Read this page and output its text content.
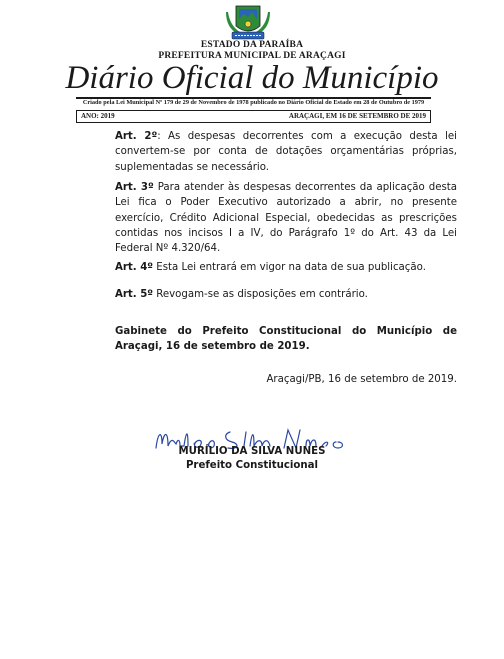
ESTADO DA PARAÍBA
PREFEITURA MUNICIPAL DE ARAÇAGI
Diário Oficial do Município
Criado pela Lei Municipal Nº 179 de 29 de Novembro de 1978 publicado no Diário Oficial do Estado em 28 de Outubro de 1979
ANO: 2019	ARAÇAGI, EM 16 DE SETEMBRO DE 2019
Art. 2º: As despesas decorrentes com a execução desta lei convertem-se por conta de dotações orçamentárias próprias, suplementadas se necessário.
Art. 3º Para atender às despesas decorrentes da aplicação desta Lei fica o Poder Executivo autorizado a abrir, no presente exercício, Crédito Adicional Especial, obedecidas as prescrições contidas nos incisos I a IV, do Parágrafo 1º do Art. 43 da Lei Federal Nº 4.320/64.
Art. 4º Esta Lei entrará em vigor na data de sua publicação.
Art. 5º Revogam-se as disposições em contrário.
Gabinete do Prefeito Constitucional do Município de Araçagi, 16 de setembro de 2019.
Araçagi/PB, 16 de setembro de 2019.
MURÍLIO DA SILVA NUNES
Prefeito Constitucional
